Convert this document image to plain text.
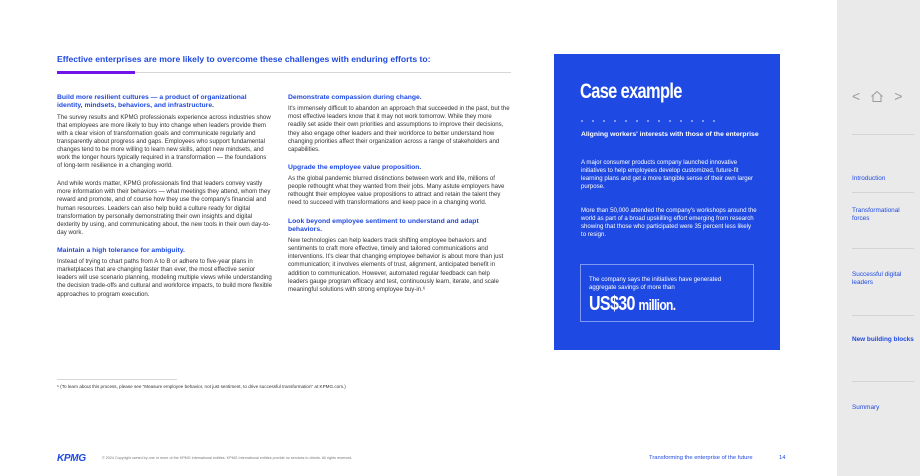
Effective enterprises are more likely to overcome these challenges with enduring efforts to:
Build more resilient cultures — a product of organizational identity, mindsets, behaviors, and infrastructure.

The survey results and KPMG professionals experience across industries show that employees are more likely to buy into change when leaders provide them with a clear vision of transformation goals and communicate regularly and transparently about progress and gaps. Employees who support fundamental changes tend to be more willing to learn new skills, adopt new mindsets, and work the longer hours typically required in a transformation — the foundations of long-term resilience in a changing world.

And while words matter, KPMG professionals find that leaders convey vastly more information with their behaviors — what meetings they attend, whom they reward and promote, and of course how they use the company's financial and human resources. Leaders can also help build a culture ready for digital transformation by personally demonstrating their own insights and digital dexterity by using, and communicating about, the new tools in their own day-to-day work.

Maintain a high tolerance for ambiguity.

Instead of trying to chart paths from A to B or adhere to five-year plans in marketplaces that are changing faster than ever, the most effective senior leaders will use scenario planning, modeling multiple views while understanding the decision trade-offs and cultural and workforce impacts, to build more flexible approaches to program execution.

Demonstrate compassion during change.

It's immensely difficult to abandon an approach that succeeded in the past, but the most effective leaders know that it may not work tomorrow. While they more readily set aside their own priorities and assumptions to improve their decisions, they also engage other leaders and their workforce to better understand how changing priorities affect their organization across a range of stakeholders and capabilities.

Upgrade the employee value proposition.

As the global pandemic blurred distinctions between work and life, millions of people rethought what they wanted from their jobs. Many astute employers have rethought their employee value propositions to attract and retain the talent they need to succeed with transformations and keep pace in a changing world.

Look beyond employee sentiment to understand and adapt behaviors.

New technologies can help leaders track shifting employee behaviors and sentiments to craft more effective, timely and tailored communications and interventions. It's clear that changing employee behavior is about more than just communication; it involves elements of trust, alignment, anticipated benefit in addition to communication. However, automated regular feedback can help leaders gauge program efficacy and test, continuously learn, iterate, and scale meaningful solutions with strong employee buy-in.⁶

Case example
Aligning workers' interests with those of the enterprise
A major consumer products company launched innovative initiatives to help employees develop customized, future-fit learning plans and get a more tangible sense of their own larger purpose.
More than 50,000 attended the company's workshops around the world as part of a broad upskilling effort emerging from research showing that those who participated were 35 percent less likely to resign.
The company says the initiatives have generated aggregate savings of more than
US$30 million.
⁶ (To learn about this process, please see "Measure employee behavior, not just sentiment, to drive successful transformation" at KPMG.com.)
KPMG	© 2024 Copyright owned by one or more of the KPMG International entities. KPMG International entities provide no services to clients. All rights reserved.	Transforming the enterprise of the future	14
< >
Introduction
Transformational forces
Successful digital leaders
New building blocks
Summary
